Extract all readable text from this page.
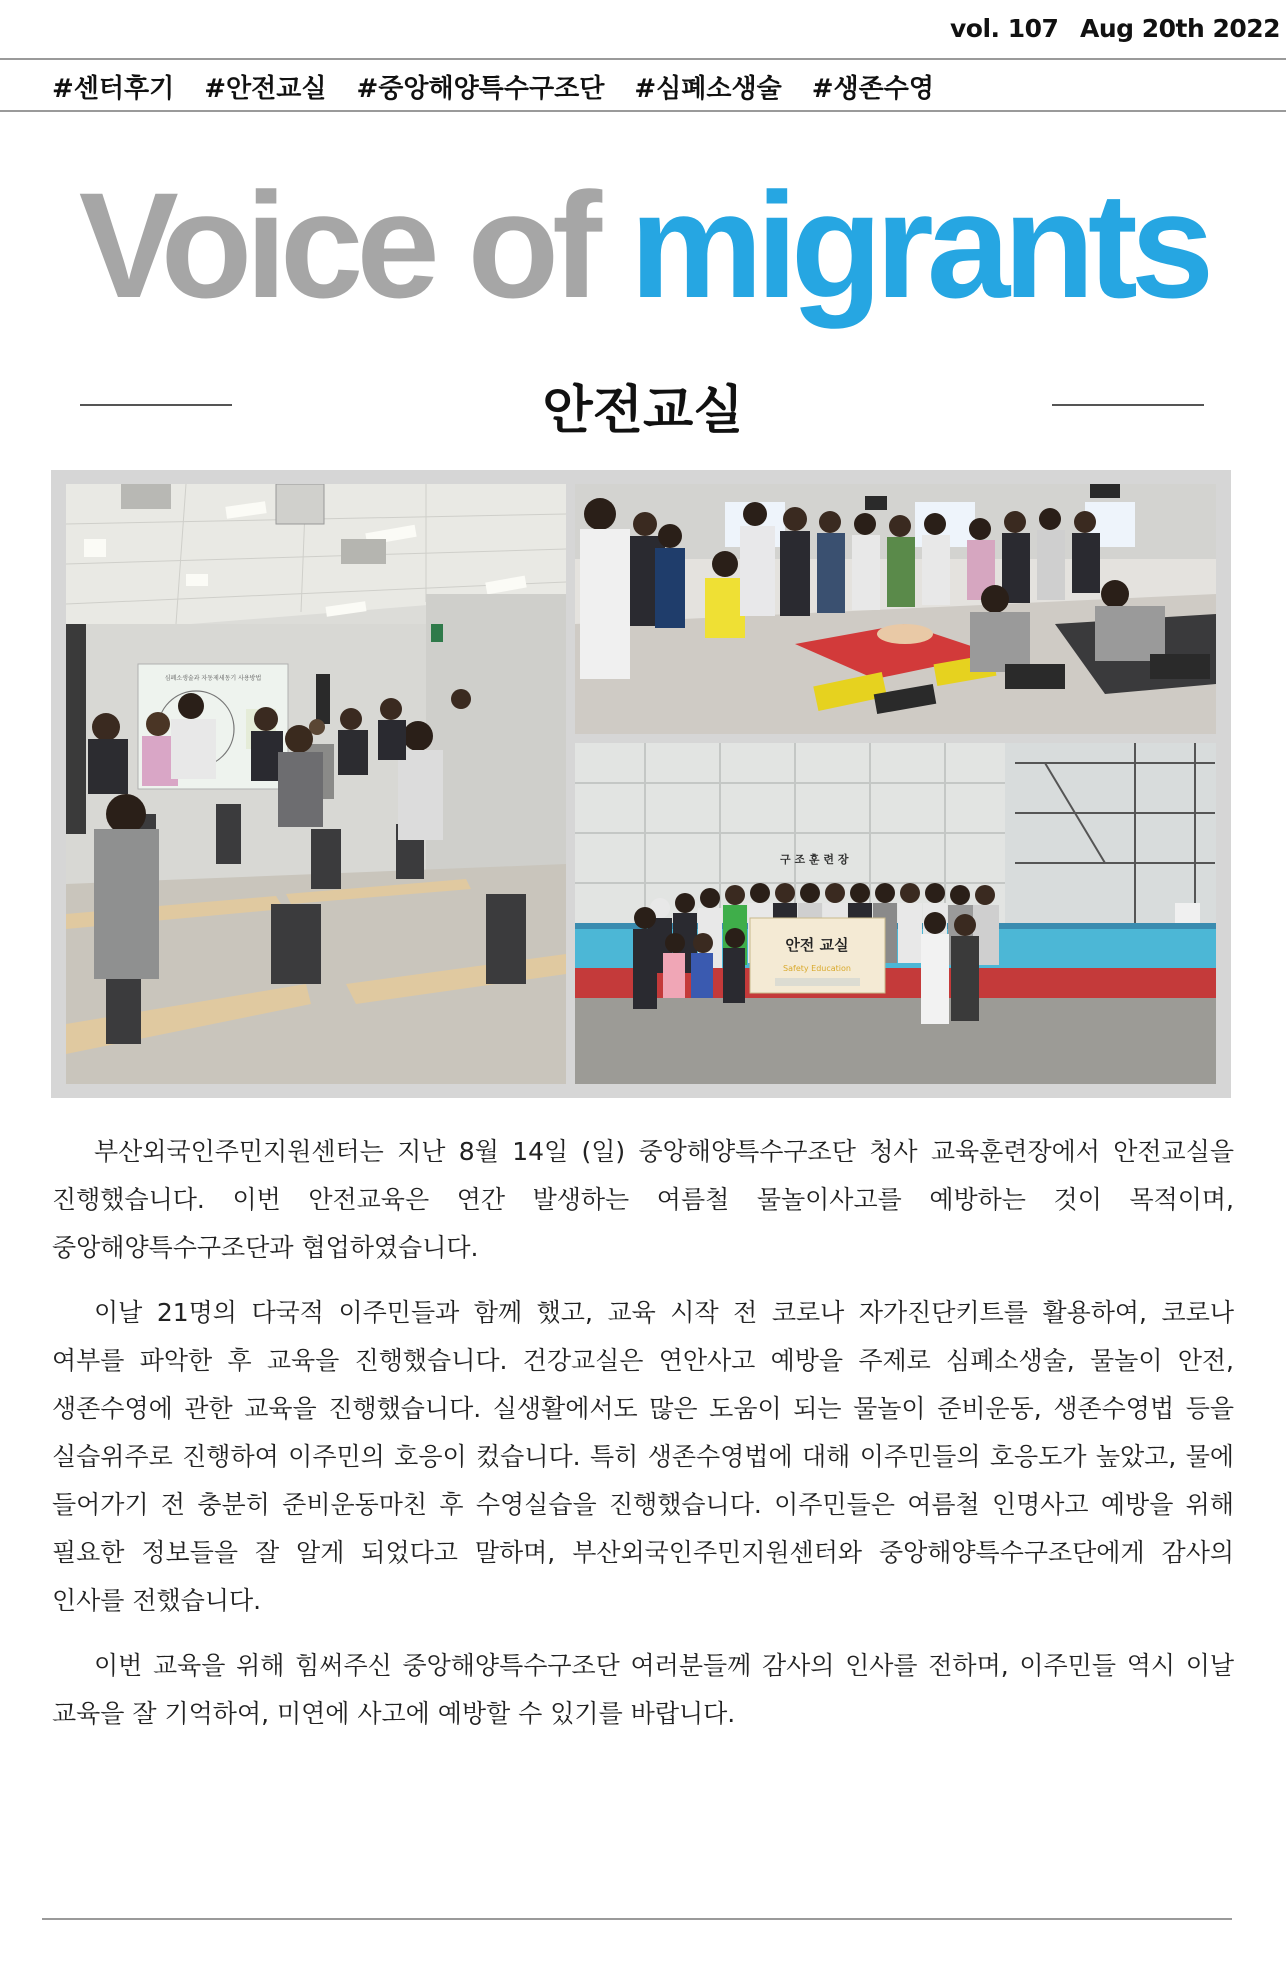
vol. 107 Aug 20th 2022
#센터후기 #안전교실 #중앙해양특수구조단 #심폐소생술 #생존수영
Voice of migrants
안전교실
심폐소생술과 자동제세동기 사용방법
구 조 훈 련 장
안전 교실
Safety Education

부산외국인주민지원센터는 지난 8월 14일 (일) 중앙해양특수구조단 청사 교육훈련장에서 안전교실을 진행했습니다. 이번 안전교육은 연간 발생하는 여름철 물놀이사고를 예방하는 것이 목적이며, 중앙해양특수구조단과 협업하였습니다.

이날 21명의 다국적 이주민들과 함께 했고, 교육 시작 전 코로나 자가진단키트를 활용하여, 코로나 여부를 파악한 후 교육을 진행했습니다. 건강교실은 연안사고 예방을 주제로 심폐소생술, 물놀이 안전, 생존수영에 관한 교육을 진행했습니다. 실생활에서도 많은 도움이 되는 물놀이 준비운동, 생존수영법 등을 실습위주로 진행하여 이주민의 호응이 컸습니다. 특히 생존수영법에 대해 이주민들의 호응도가 높았고, 물에 들어가기 전 충분히 준비운동마친 후 수영실습을 진행했습니다. 이주민들은 여름철 인명사고 예방을 위해 필요한 정보들을 잘 알게 되었다고 말하며, 부산외국인주민지원센터와 중앙해양특수구조단에게 감사의 인사를 전했습니다.

이번 교육을 위해 힘써주신 중앙해양특수구조단 여러분들께 감사의 인사를 전하며, 이주민들 역시 이날 교육을 잘 기억하여, 미연에 사고에 예방할 수 있기를 바랍니다.
